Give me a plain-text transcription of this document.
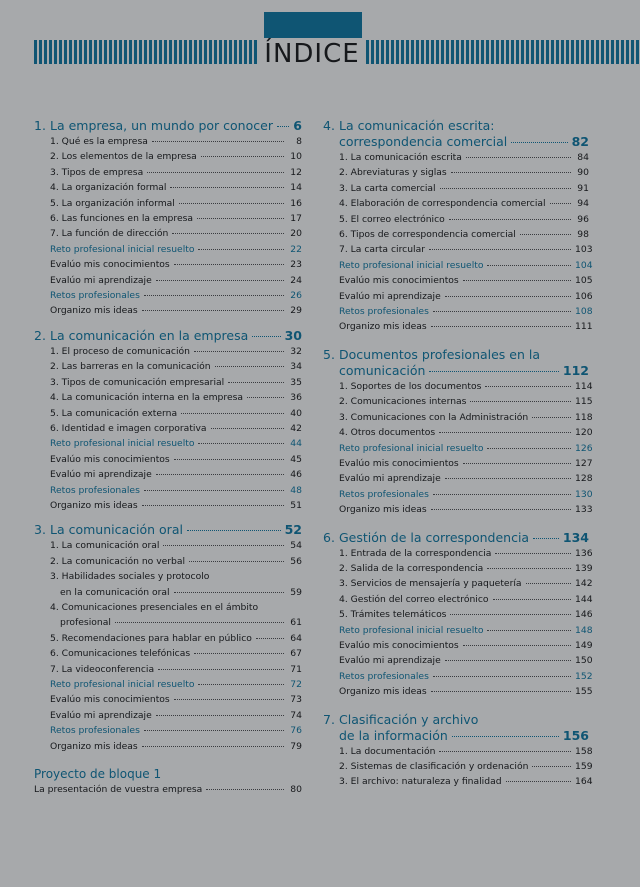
ÍNDICE
1. La empresa, un mundo por conocer 6
1. Qué es la empresa	8
2. Los elementos de la empresa	10
3. Tipos de empresa	12
4. La organización formal	14
5. La organización informal	16
6. Las funciones en la empresa	17
7. La función de dirección	20
Reto profesional inicial resuelto	22
Evalúo mis conocimientos	23
Evalúo mi aprendizaje	24
Retos profesionales	26
Organizo mis ideas	29
2. La comunicación en la empresa	30
1. El proceso de comunicación	32
2. Las barreras en la comunicación	34
3. Tipos de comunicación empresarial	35
4. La comunicación interna en la empresa	36
5. La comunicación externa	40
6. Identidad e imagen corporativa	42
Reto profesional inicial resuelto	44
Evalúo mis conocimientos	45
Evalúo mi aprendizaje	46
Retos profesionales	48
Organizo mis ideas	51
3. La comunicación oral	52
1. La comunicación oral	54
2. La comunicación no verbal	56
3. Habilidades sociales y protocolo
en la comunicación oral	59
4. Comunicaciones presenciales en el ámbito
profesional	61
5. Recomendaciones para hablar en público	64
6. Comunicaciones telefónicas	67
7. La videoconferencia	71
Reto profesional inicial resuelto	72
Evalúo mis conocimientos	73
Evalúo mi aprendizaje	74
Retos profesionales	76
Organizo mis ideas	79
Proyecto de bloque 1
La presentación de vuestra empresa	80
4. La comunicación escrita:
correspondencia comercial	82
1. La comunicación escrita	84
2. Abreviaturas y siglas	90
3. La carta comercial	91
4. Elaboración de correspondencia comercial	94
5. El correo electrónico	96
6. Tipos de correspondencia comercial	98
7. La carta circular	103
Reto profesional inicial resuelto	104
Evalúo mis conocimientos	105
Evalúo mi aprendizaje	106
Retos profesionales	108
Organizo mis ideas	111
5. Documentos profesionales en la
comunicación	112
1. Soportes de los documentos	114
2. Comunicaciones internas	115
3. Comunicaciones con la Administración	118
4. Otros documentos	120
Reto profesional inicial resuelto	126
Evalúo mis conocimientos	127
Evalúo mi aprendizaje	128
Retos profesionales	130
Organizo mis ideas	133
6. Gestión de la correspondencia	134
1. Entrada de la correspondencia	136
2. Salida de la correspondencia	139
3. Servicios de mensajería y paquetería	142
4. Gestión del correo electrónico	144
5. Trámites telemáticos	146
Reto profesional inicial resuelto	148
Evalúo mis conocimientos	149
Evalúo mi aprendizaje	150
Retos profesionales	152
Organizo mis ideas	155
7. Clasificación y archivo
de la información	156
1. La documentación	158
2. Sistemas de clasificación y ordenación	159
3. El archivo: naturaleza y finalidad	164
